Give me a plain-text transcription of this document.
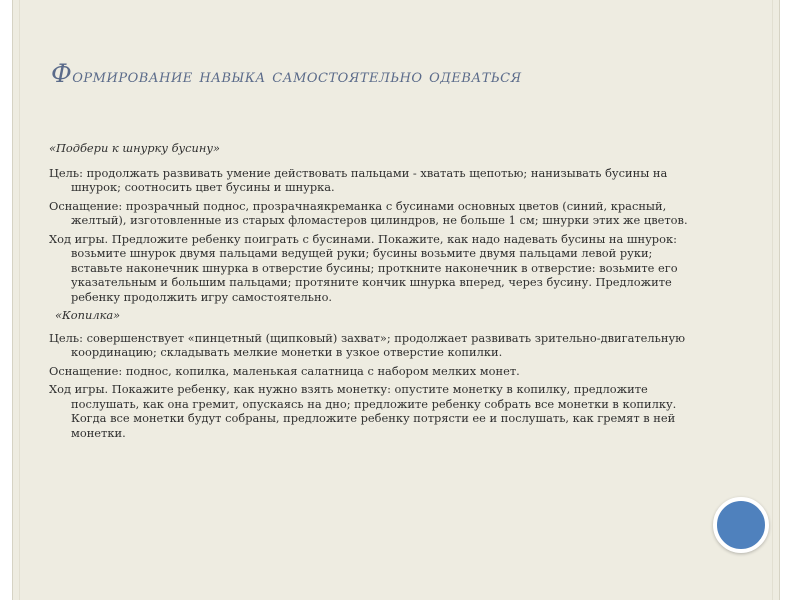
Формирование навыка самостоятельно одеваться

«Подбери к шнурку бусину»

Цель: продолжать развивать умение действовать пальцами - хватать щепотью; нанизывать бусины на шнурок; соотносить цвет бусины и шнурка.

Оснащение: прозрачный поднос, прозрачнаякреманка с бусинами основных цветов (синий, красный, желтый), изготовленные из старых фломастеров цилиндров, не больше 1 см; шнурки этих же цветов.

Ход игры. Предложите ребенку поиграть с бусинами. Покажите, как надо надевать бусины на шнурок: возьмите шнурок двумя пальцами ведущей руки; бусины возьмите двумя пальцами левой руки; вставьте наконечник шнурка в отверстие бусины; проткните наконечник в отверстие: возьмите его указательным и большим пальцами; протяните кончик шнурка вперед, через бусину. Предложите ребенку продолжить игру самостоятельно.

«Копилка»

Цель: совершенствует «пинцетный (щипковый) захват»; продолжает развивать зрительно-двигательную координацию; складывать мелкие монетки в узкое отверстие копилки.

Оснащение: поднос, копилка, маленькая салатница с набором мелких монет.

Ход игры. Покажите ребенку, как нужно взять монетку: опустите монетку в копилку, предложите послушать, как она гремит, опускаясь на дно; предложите ребенку собрать все монетки в копилку. Когда все монетки будут собраны, предложите ребенку потрясти ее и послушать, как гремят в ней монетки.
